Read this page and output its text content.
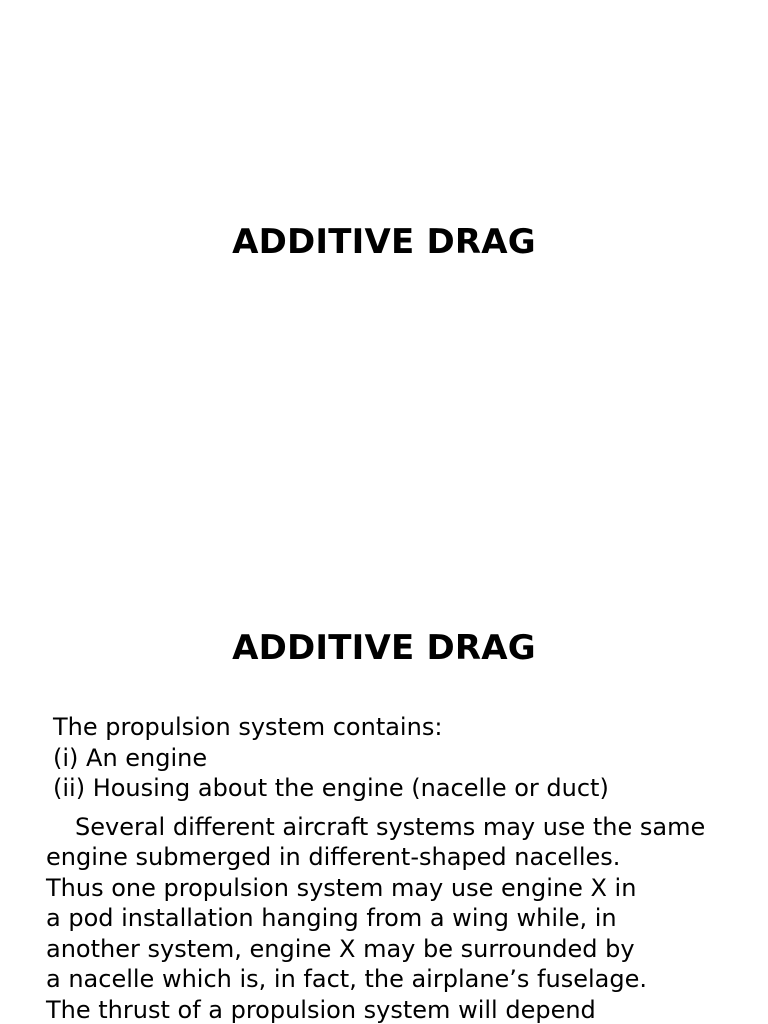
ADDITIVE DRAG
ADDITIVE DRAG
The propulsion system contains:
(i) An engine
(ii) Housing about the engine (nacelle or duct)
Several different aircraft systems may use the same
engine submerged in different-shaped nacelles.
Thus one propulsion system may use engine X in
a pod installation hanging from a wing while, in
another system, engine X may be surrounded by
a nacelle which is, in fact, the airplane’s fuselage.
The thrust of a propulsion system will depend
